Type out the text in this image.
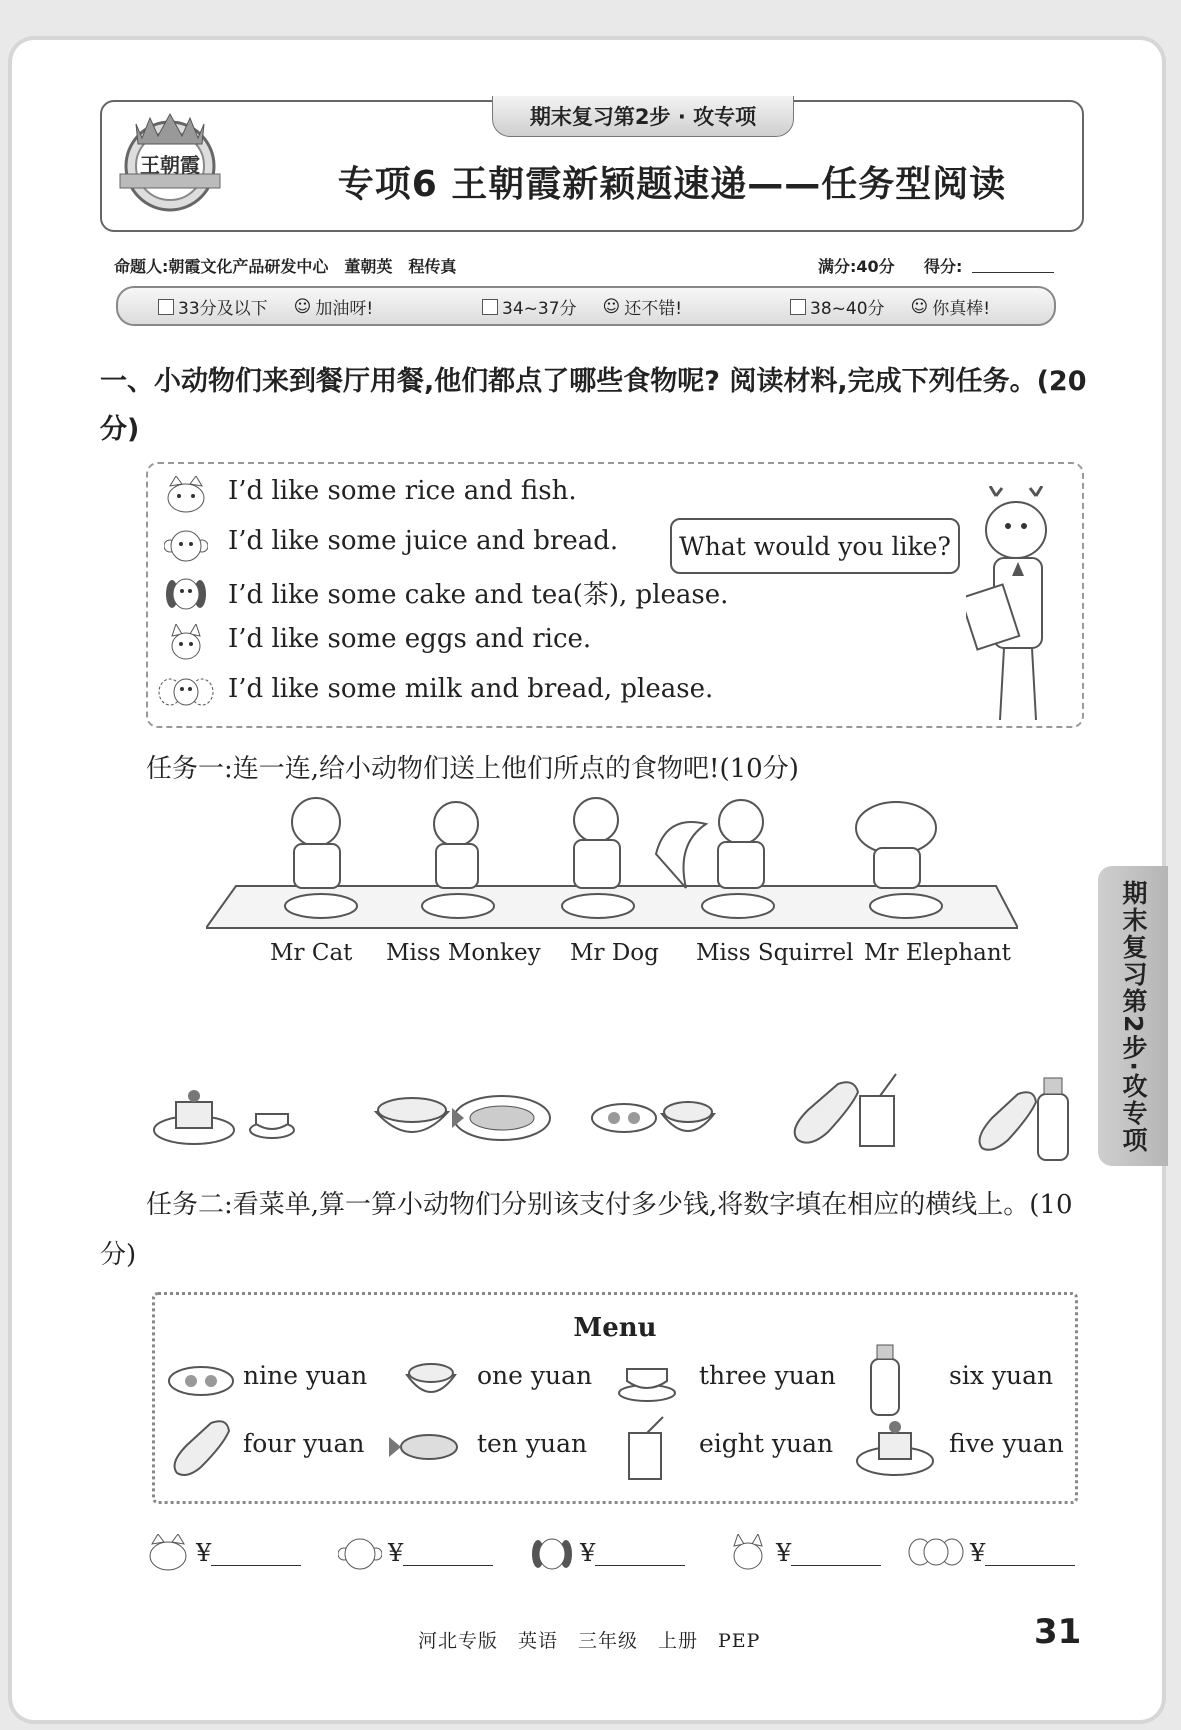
王朝霞
期末复习第2步 · 攻专项
专项6 王朝霞新颖题速递——任务型阅读
命题人:朝霞文化产品研发中心　董朝英　程传真	满分:40分 得分:
33分及以下 ☺ 加油呀!	34~37分 ☺ 还不错!	38~40分 ☺ 你真棒!
一、小动物们来到餐厅用餐,他们都点了哪些食物呢? 阅读材料,完成下列任务。(20分)
I’d like some rice and fish.
I’d like some juice and bread.
I’d like some cake and tea(茶), please.
I’d like some eggs and rice.
I’d like some milk and bread, please.
What would you like?
任务一:连一连,给小动物们送上他们所点的食物吧!(10分)
Mr Cat Miss Monkey Mr Dog Miss Squirrel Mr Elephant
任务二:看菜单,算一算小动物们分别该支付多少钱,将数字填在相应的横线上。(10分)
Menu
nine yuan	one yuan	three yuan	six yuan
four yuan	ten yuan	eight yuan	five yuan
¥	¥	¥	¥	¥
期末复习第2步·攻专项
河北专版　英语　三年级　上册　PEP	31
